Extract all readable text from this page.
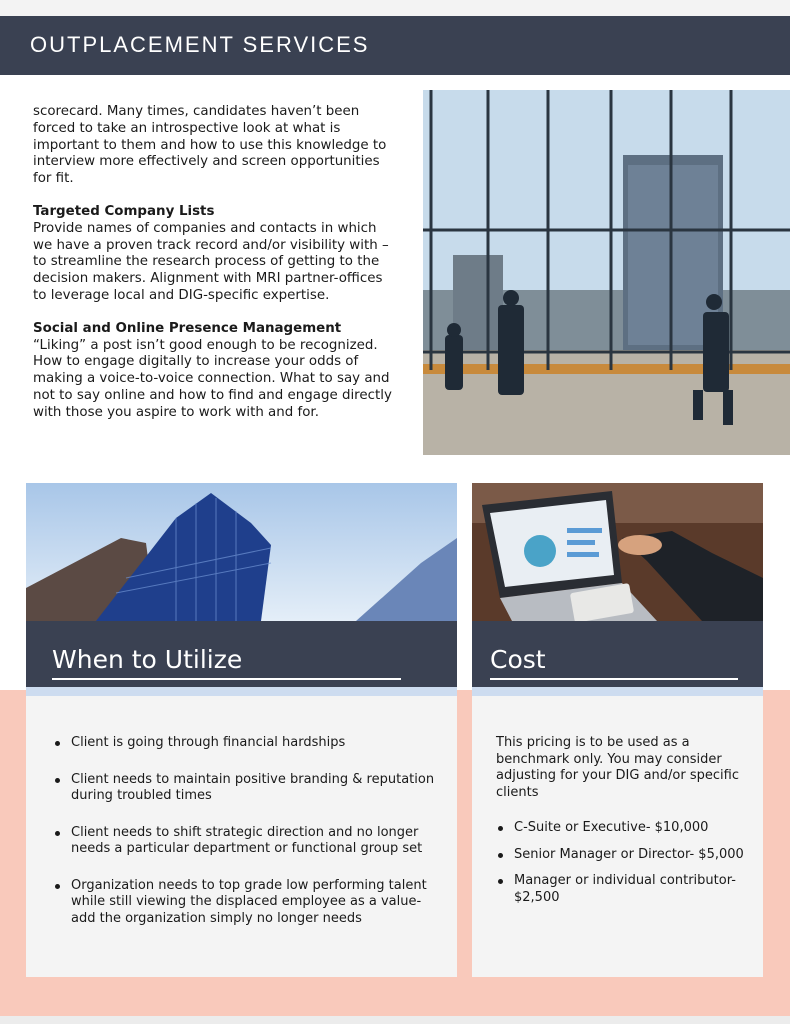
OUTPLACEMENT SERVICES

scorecard. Many times, candidates haven’t been forced to take an introspective look at what is important to them and how to use this knowledge to interview more effectively and screen opportunities for fit.

Targeted Company Lists
Provide names of companies and contacts in which we have a proven track record and/or visibility with – to streamline the research process of getting to the decision makers. Alignment with MRI partner-offices to leverage local and DIG-specific expertise.

Social and Online Presence Management
“Liking” a post isn’t good enough to be recognized. How to engage digitally to increase your odds of making a voice-to-voice connection. What to say and not to say online and how to find and engage directly with those you aspire to work with and for.

When to Utilize
Client is going through financial hardships
Client needs to maintain positive branding & reputation during troubled times
Client needs to shift strategic direction and no longer needs a particular department or functional group set
Organization needs to top grade low performing talent while still viewing the displaced employee as a value-add the organization simply no longer needs
Cost
This pricing is to be used as a benchmark only. You may consider adjusting for your DIG and/or specific clients
C-Suite or Executive- $10,000
Senior Manager or Director- $5,000
Manager or individual contributor- $2,500
